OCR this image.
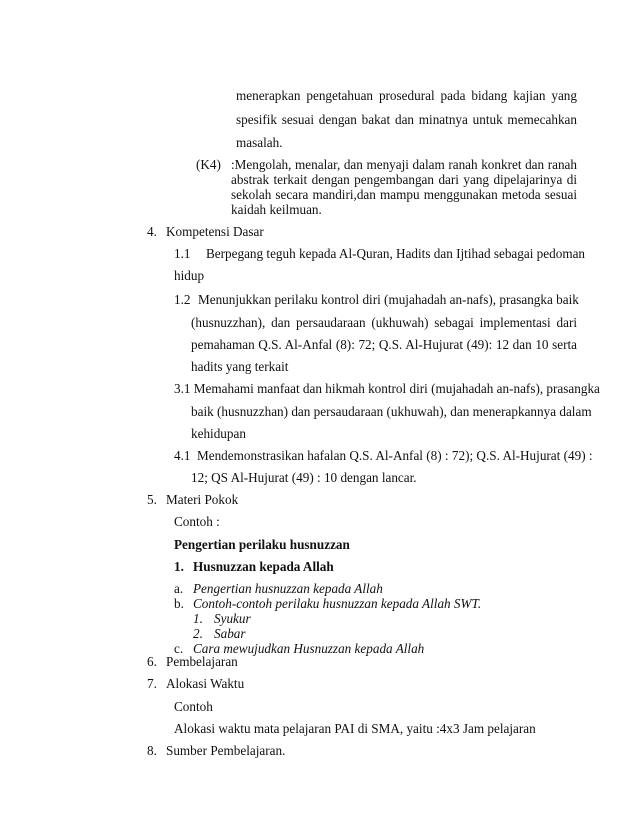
menerapkan pengetahuan prosedural pada bidang kajian yang
spesifik sesuai dengan bakat dan minatnya untuk memecahkan
masalah.
(K4) :Mengolah, menalar, dan menyaji dalam ranah konkret dan ranah
abstrak terkait dengan pengembangan dari yang dipelajarinya di
sekolah secara mandiri,dan mampu menggunakan metoda sesuai
kaidah keilmuan.
4. Kompetensi Dasar
1.1 Berpegang teguh kepada Al-Quran, Hadits dan Ijtihad sebagai pedoman
hidup
1.2 Menunjukkan perilaku kontrol diri (mujahadah an-nafs), prasangka baik
(husnuzzhan), dan persaudaraan (ukhuwah) sebagai implementasi dari
pemahaman Q.S. Al-Anfal (8): 72; Q.S. Al-Hujurat (49): 12 dan 10 serta
hadits yang terkait
3.1 Memahami manfaat dan hikmah kontrol diri (mujahadah an-nafs), prasangka
baik (husnuzzhan) dan persaudaraan (ukhuwah), dan menerapkannya dalam
kehidupan
4.1 Mendemonstrasikan hafalan Q.S. Al-Anfal (8) : 72); Q.S. Al-Hujurat (49) :
12; QS Al-Hujurat (49) : 10 dengan lancar.
5. Materi Pokok
Contoh :
Pengertian perilaku husnuzzan
1. Husnuzzan kepada Allah
a. Pengertian husnuzzan kepada Allah
b. Contoh-contoh perilaku husnuzzan kepada Allah SWT.
1. Syukur
2. Sabar
c. Cara mewujudkan Husnuzzan kepada Allah
6. Pembelajaran
7. Alokasi Waktu
Contoh
Alokasi waktu mata pelajaran PAI di SMA, yaitu :4x3 Jam pelajaran
8. Sumber Pembelajaran.
